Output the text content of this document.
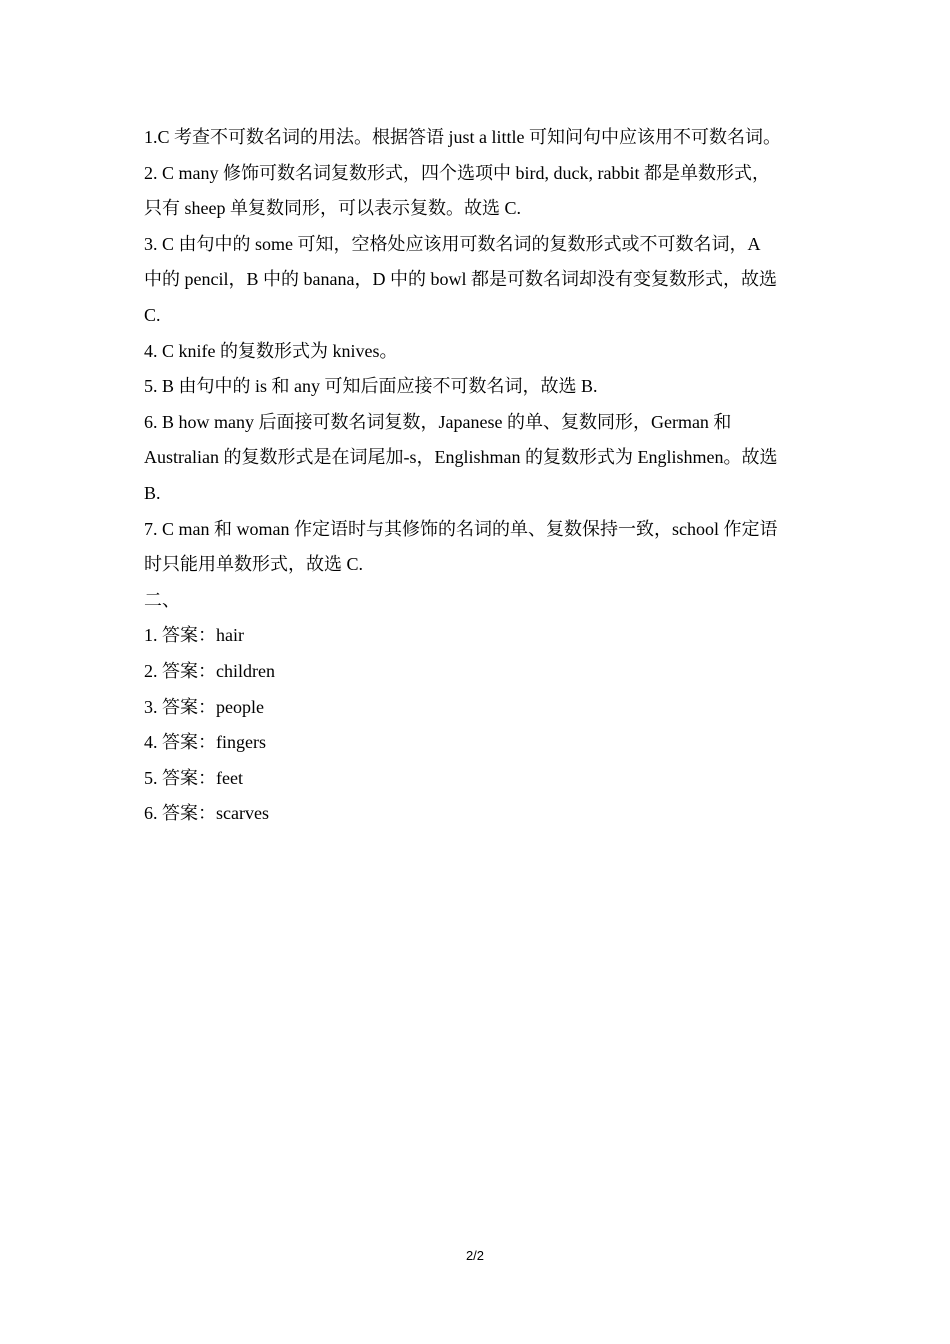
1.C 考查不可数名词的用法。根据答语 just a little 可知问句中应该用不可数名词。
2. C many 修饰可数名词复数形式，四个选项中 bird, duck, rabbit 都是单数形式，
只有 sheep 单复数同形，可以表示复数。故选 C.
3. C 由句中的 some 可知，空格处应该用可数名词的复数形式或不可数名词，A
中的 pencil，B 中的 banana，D 中的 bowl 都是可数名词却没有变复数形式，故选
C.
4. C knife 的复数形式为 knives。
5. B 由句中的 is 和 any 可知后面应接不可数名词，故选 B.
6. B how many 后面接可数名词复数，Japanese 的单、复数同形，German 和
Australian 的复数形式是在词尾加-s，Englishman 的复数形式为 Englishmen。故选
B.
7. C man 和 woman 作定语时与其修饰的名词的单、复数保持一致，school 作定语
时只能用单数形式，故选 C.
二、
1. 答案：hair
2. 答案：children
3. 答案：people
4. 答案：fingers
5. 答案：feet
6. 答案：scarves
2/2
